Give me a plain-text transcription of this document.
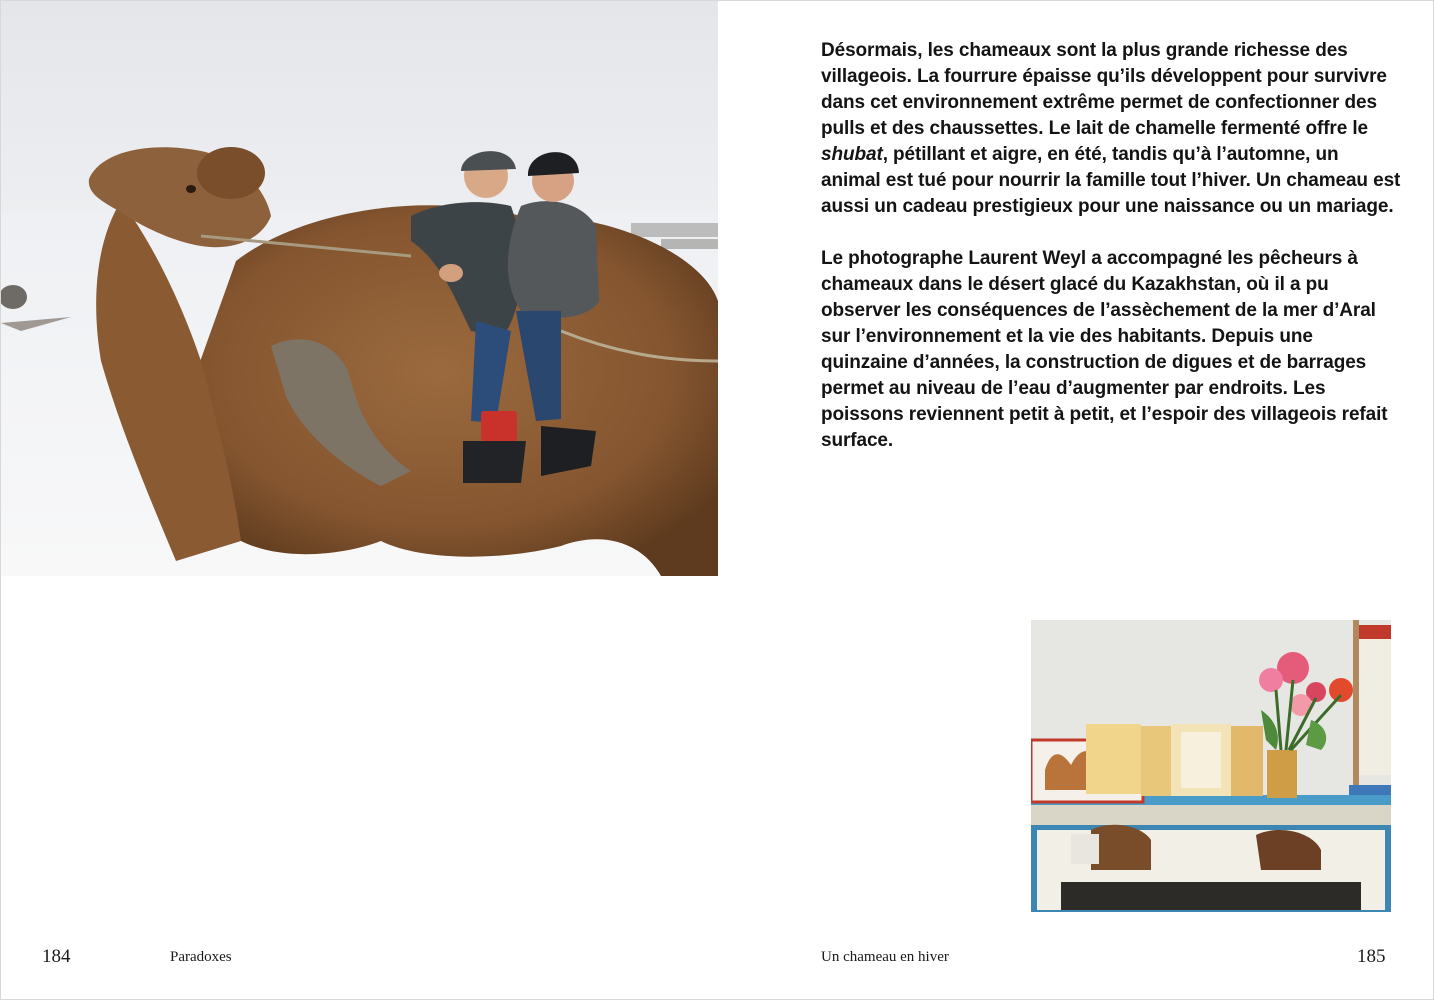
Désormais, les chameaux sont la plus grande richesse des villageois. La fourrure épaisse qu’ils développent pour survivre dans cet environnement extrême permet de confectionner des pulls et des chaussettes. Le lait de chamelle fermenté offre le shubat, pétillant et aigre, en été, tandis qu’à l’automne, un animal est tué pour nourrir la famille tout l’hiver. Un chameau est aussi un cadeau prestigieux pour une naissance ou un mariage.

Le photographe Laurent Weyl a accompagné les pêcheurs à chameaux dans le désert glacé du Kazakhstan, où il a pu observer les conséquences de l’assèchement de la mer d’Aral sur l’environnement et la vie des habitants. Depuis une quinzaine d’années, la construction de digues et de barrages permet au niveau de l’eau d’augmenter par endroits. Les poissons reviennent petit à petit, et l’espoir des villageois refait surface.

184	Paradoxes	Un chameau en hiver	185
